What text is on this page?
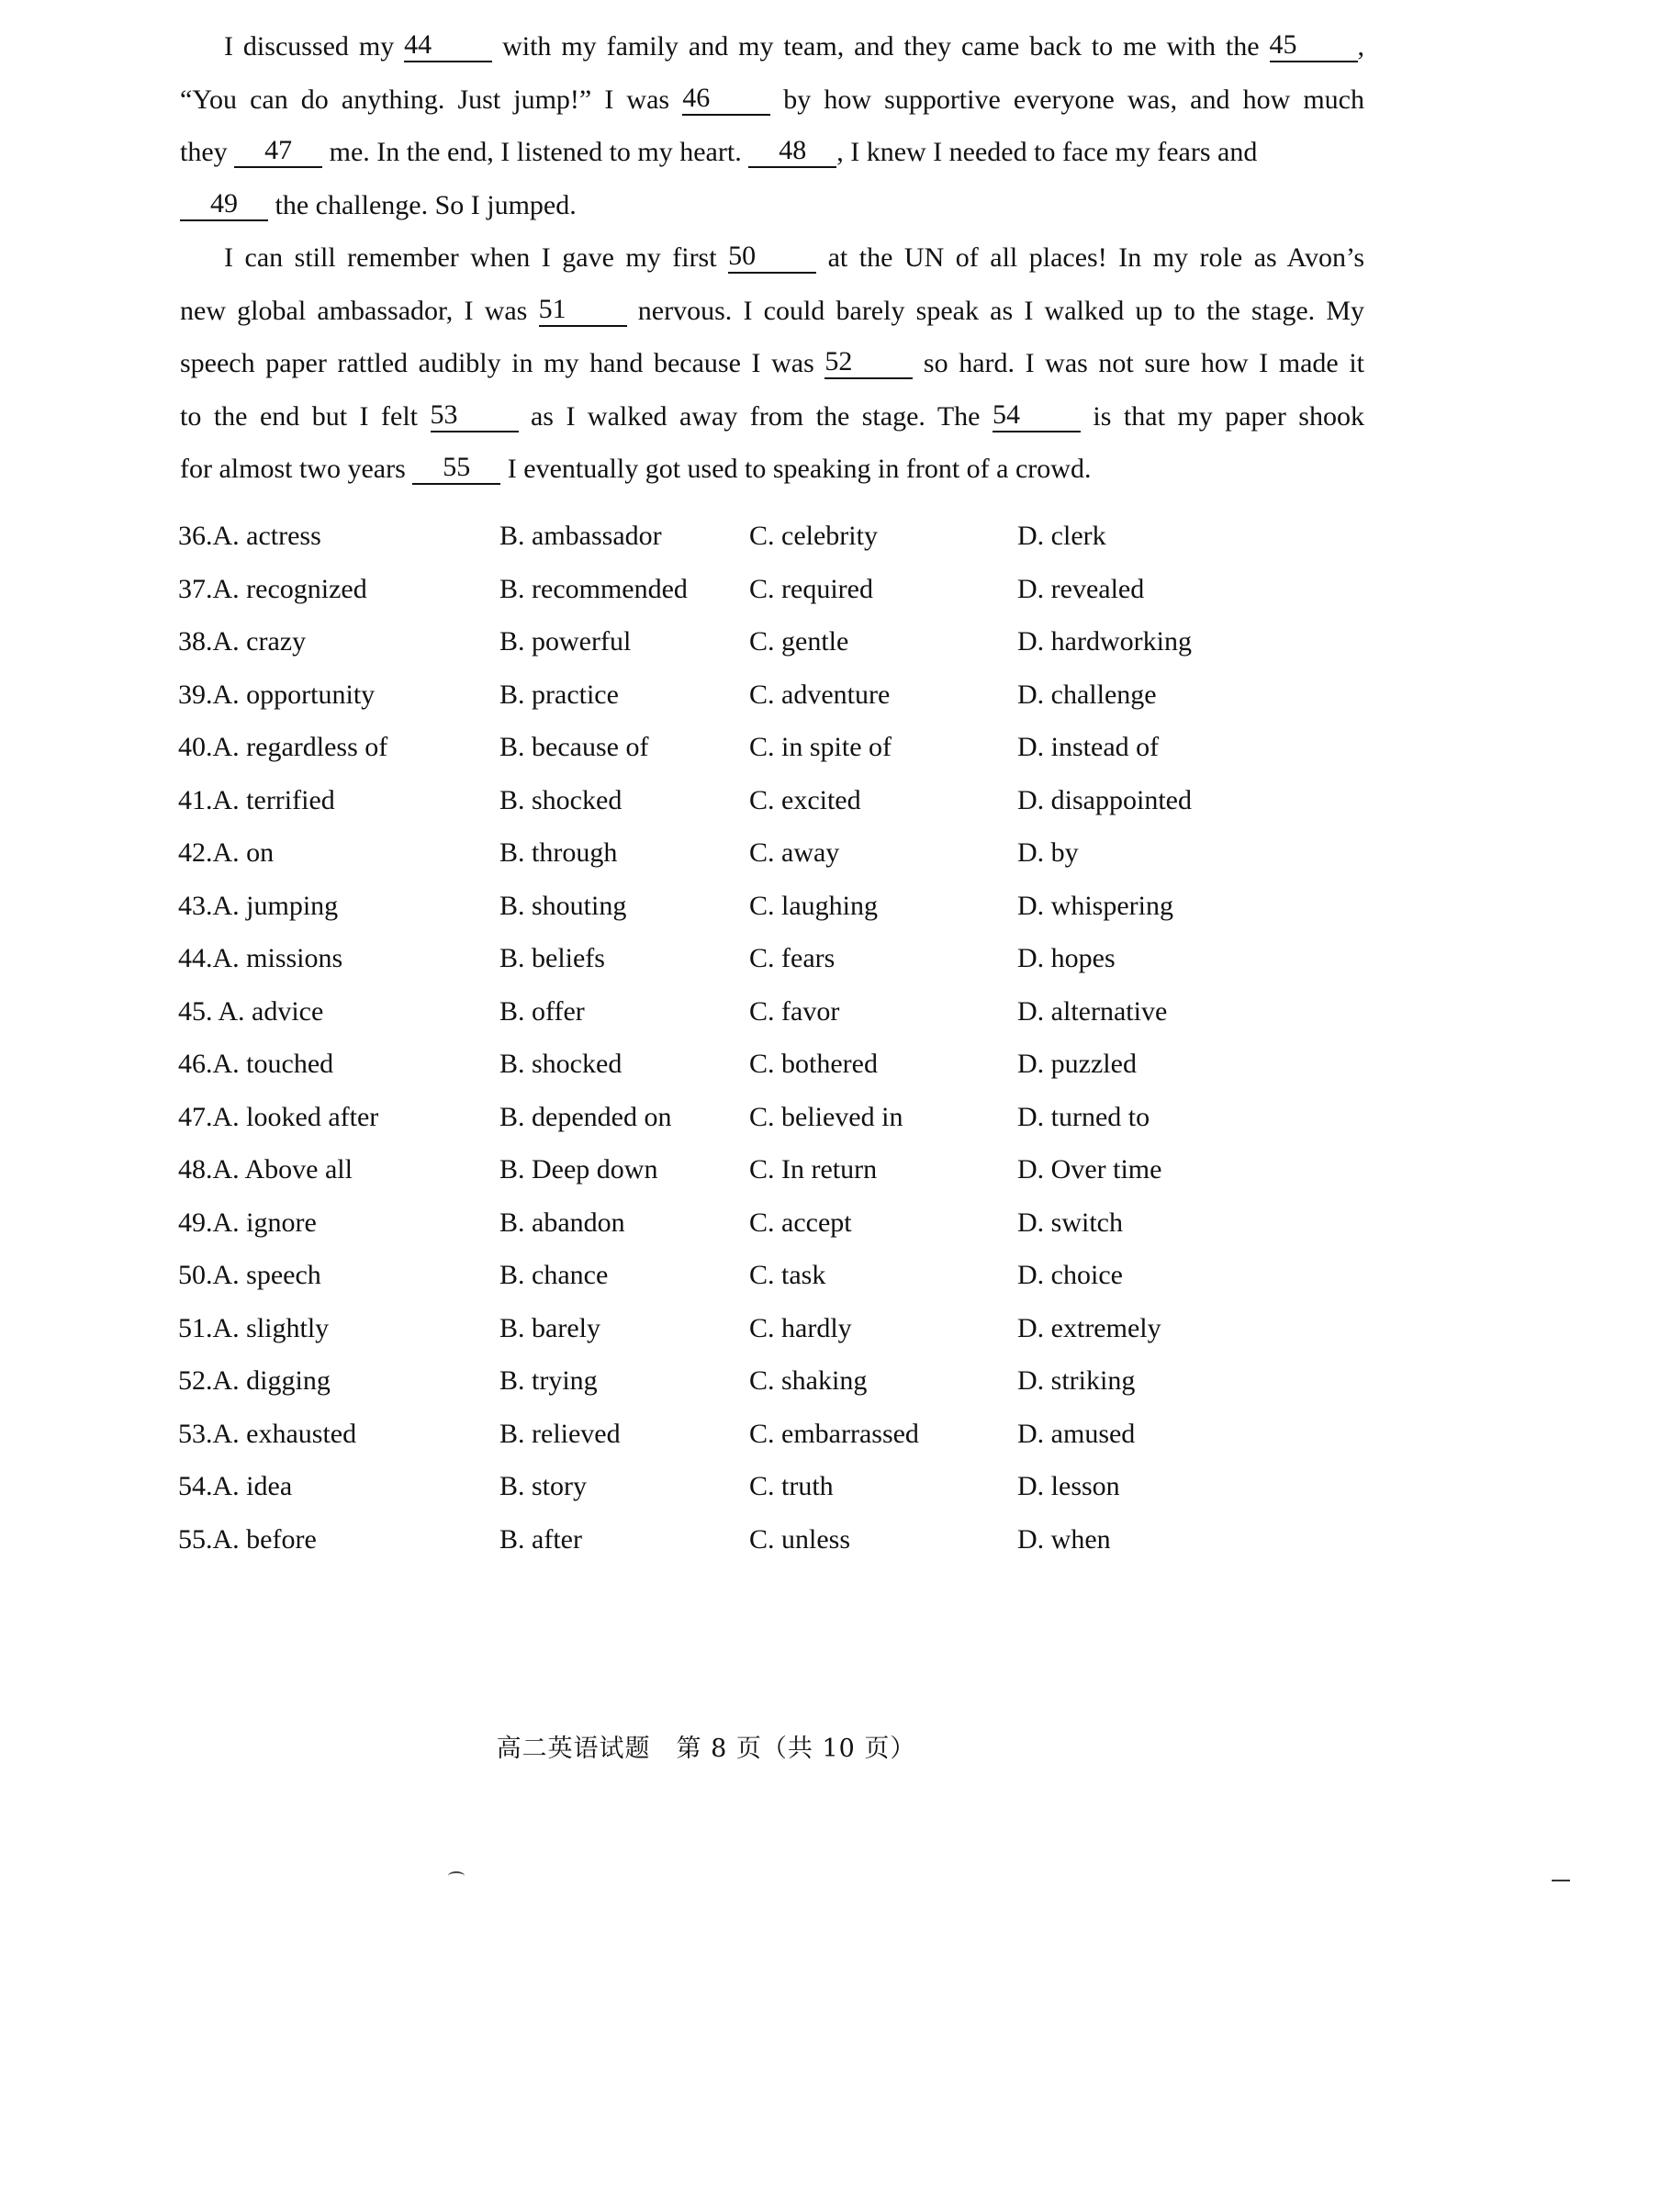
I discussed my 44 with my family and my team, and they came back to me with the 45 ,
“You can do anything. Just jump!” I was 46 by how supportive everyone was, and how much
they 47 me. In the end, I listened to my heart. 48 , I knew I needed to face my fears and
49 the challenge. So I jumped.
I can still remember when I gave my first 50 at the UN of all places! In my role as Avon’s
new global ambassador, I was 51 nervous. I could barely speak as I walked up to the stage. My
speech paper rattled audibly in my hand because I was 52 so hard. I was not sure how I made it
to the end but I felt 53 as I walked away from the stage. The 54 is that my paper shook
for almost two years 55 I eventually got used to speaking in front of a crowd.
36.A. actress	B. ambassador	C. celebrity	D. clerk
37.A. recognized	B. recommended C. required	D. revealed
38.A. crazy	B. powerful	C. gentle	D. hardworking
39.A. opportunity	B. practice	C. adventure	D. challenge
40.A. regardless of	B. because of	C. in spite of	D. instead of
41.A. terrified	B. shocked	C. excited	D. disappointed
42.A. on	B. through	C. away	D. by
43.A. jumping	B. shouting	C. laughing	D. whispering
44.A. missions	B. beliefs	C. fears	D. hopes
45. A. advice	B. offer	C. favor	D. alternative
46.A. touched	B. shocked	C. bothered	D. puzzled
47.A. looked after	B. depended on	C. believed in	D. turned to
48.A. Above all	B. Deep down	C. In return	D. Over time
49.A. ignore	B. abandon	C. accept	D. switch
50.A. speech	B. chance	C. task	D. choice
51.A. slightly	B. barely	C. hardly	D. extremely
52.A. digging	B. trying	C. shaking	D. striking
53.A. exhausted	B. relieved	C. embarrassed	D. amused
54.A. idea	B. story	C. truth	D. lesson
55.A. before	B. after	C. unless	D. when
高二英语试题　第 8 页（共 10 页）
